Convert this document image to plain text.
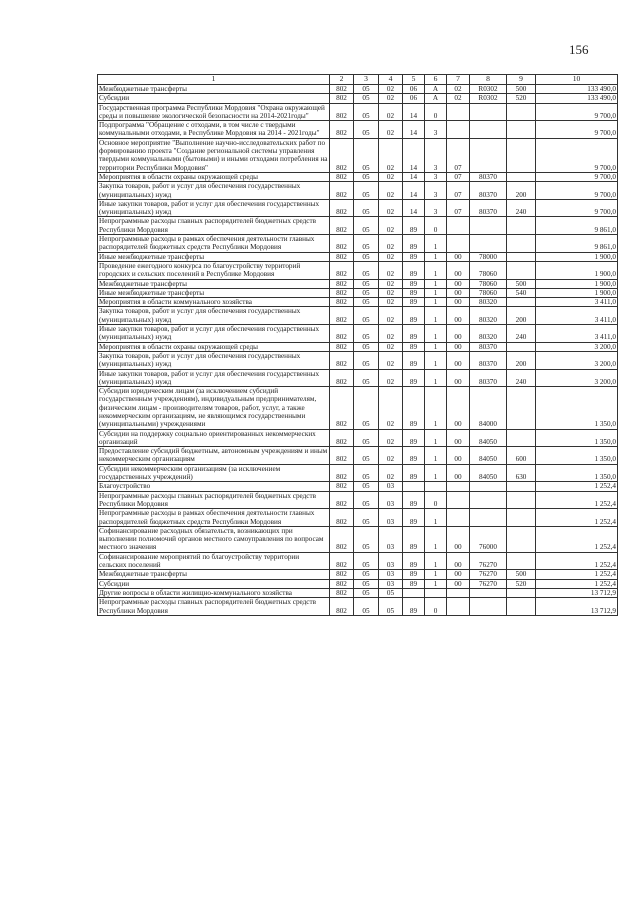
156
1	2	3	4	5	6	7	8	9	10
Межбюджетные трансферты	802	05	02	06	А	02	R0302	500	133 490,0
Субсидии	802	05	02	06	А	02	R0302	520	133 490,0
Государственная программа Республики Мордовия "Охрана окружающей среды и повышение экологической безопасности на 2014-2021годы"	802	05	02	14	0				9 700,0
Подпрограмма "Обращение с отходами, в том числе с твердыми коммунальными отходами, в Республике Мордовия на 2014 - 2021годы"	802	05	02	14	3				9 700,0
Основное мероприятие "Выполнение научно-исследовательских работ по формированию проекта "Создание региональной системы управления твердыми коммунальными (бытовыми) и иными отходами потребления на территории Республики Мордовия"	802	05	02	14	3	07			9 700,0
Мероприятия в области охраны окружающей среды	802	05	02	14	3	07	80370		9 700,0
Закупка товаров, работ и услуг для обеспечения государственных (муниципальных) нужд	802	05	02	14	3	07	80370	200	9 700,0
Иные закупки товаров, работ и услуг для обеспечения государственных (муниципальных) нужд	802	05	02	14	3	07	80370	240	9 700,0
Непрограммные расходы главных распорядителей бюджетных средств Республики Мордовия	802	05	02	89	0				9 861,0
Непрограммные расходы в рамках обеспечения деятельности главных распорядителей бюджетных средств Республики Мордовия	802	05	02	89	1				9 861,0
Иные межбюджетные трансферты	802	05	02	89	1	00	78000		1 900,0
Проведение ежегодного конкурса по благоустройству территорий городских и сельских поселений в Республике Мордовия	802	05	02	89	1	00	78060		1 900,0
Межбюджетные трансферты	802	05	02	89	1	00	78060	500	1 900,0
Иные межбюджетные трансферты	802	05	02	89	1	00	78060	540	1 900,0
Мероприятия в области коммунального хозяйства	802	05	02	89	1	00	80320		3 411,0
Закупка товаров, работ и услуг для обеспечения государственных (муниципальных) нужд	802	05	02	89	1	00	80320	200	3 411,0
Иные закупки товаров, работ и услуг для обеспечения государственных (муниципальных) нужд	802	05	02	89	1	00	80320	240	3 411,0
Мероприятия в области охраны окружающей среды	802	05	02	89	1	00	80370		3 200,0
Закупка товаров, работ и услуг для обеспечения государственных (муниципальных) нужд	802	05	02	89	1	00	80370	200	3 200,0
Иные закупки товаров, работ и услуг для обеспечения государственных (муниципальных) нужд	802	05	02	89	1	00	80370	240	3 200,0
Субсидии юридическим лицам (за исключением субсидий государственным учреждениям), индивидуальным предпринимателям, физическим лицам - производителям товаров, работ, услуг, а также некоммерческим организациям, не являющимся государственными (муниципальными) учреждениями	802	05	02	89	1	00	84000		1 350,0
Субсидии на поддержку социально ориентированных некоммерческих организаций	802	05	02	89	1	00	84050		1 350,0
Предоставление субсидий бюджетным, автономным учреждениям и иным некоммерческим организациям	802	05	02	89	1	00	84050	600	1 350,0
Субсидии некоммерческим организациям (за исключением государственных учреждений)	802	05	02	89	1	00	84050	630	1 350,0
Благоустройство	802	05	03						1 252,4
Непрограммные расходы главных распорядителей бюджетных средств Республики Мордовия	802	05	03	89	0				1 252,4
Непрограммные расходы в рамках обеспечения деятельности главных распорядителей бюджетных средств Республики Мордовия	802	05	03	89	1				1 252,4
Софинансирование расходных обязательств, возникающих при выполнении полномочий органов местного самоуправления по вопросам местного значения	802	05	03	89	1	00	76000		1 252,4
Софинансирование мероприятий по благоустройству территории сельских поселений	802	05	03	89	1	00	76270		1 252,4
Межбюджетные трансферты	802	05	03	89	1	00	76270	500	1 252,4
Субсидии	802	05	03	89	1	00	76270	520	1 252,4
Другие вопросы в области жилищно-коммунального хозяйства	802	05	05						13 712,9
Непрограммные расходы главных распорядителей бюджетных средств Республики Мордовия	802	05	05	89	0				13 712,9
